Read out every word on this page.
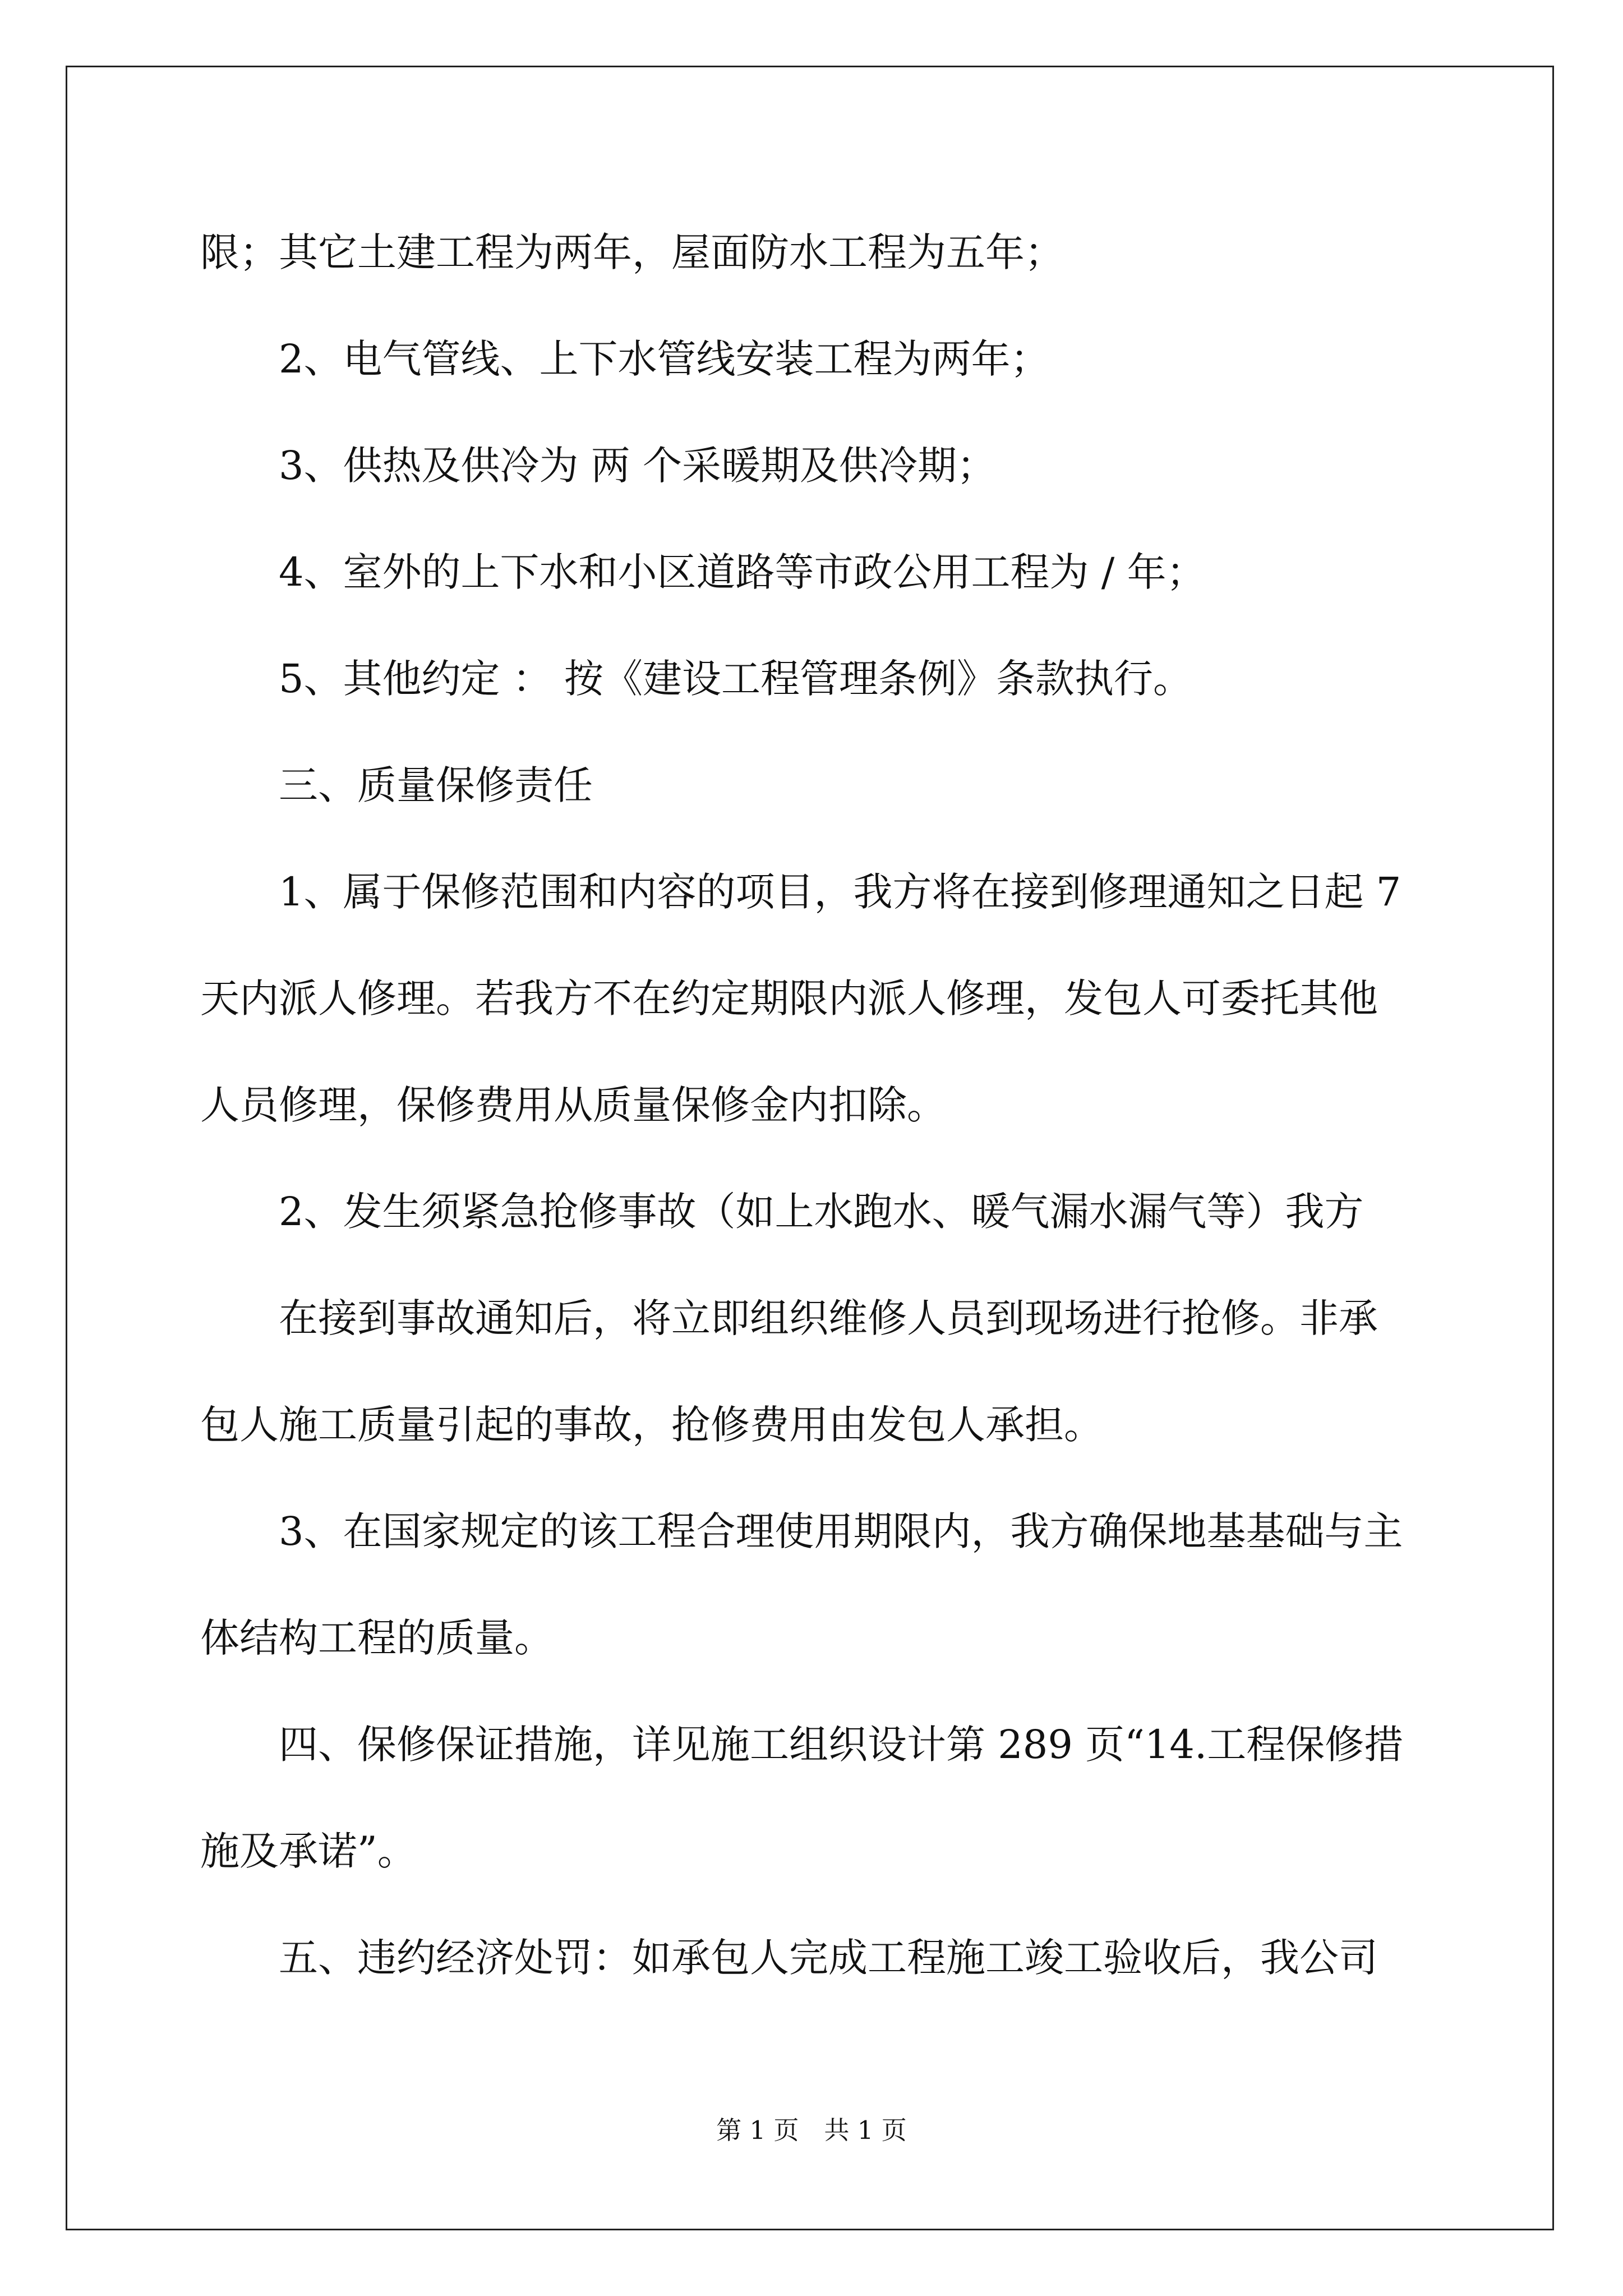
限；其它土建工程为两年，屋面防水工程为五年；
2、电气管线、上下水管线安装工程为两年；
3、供热及供冷为 两 个采暖期及供冷期；
4、室外的上下水和小区道路等市政公用工程为 / 年；
5、其他约定 ： 按《建设工程管理条例》条款执行。
三、质量保修责任
1、属于保修范围和内容的项目，我方将在接到修理通知之日起 7
天内派人修理。若我方不在约定期限内派人修理，发包人可委托其他
人员修理，保修费用从质量保修金内扣除。
2、发生须紧急抢修事故（如上水跑水、暖气漏水漏气等）我方
在接到事故通知后，将立即组织维修人员到现场进行抢修。非承
包人施工质量引起的事故，抢修费用由发包人承担。
3、在国家规定的该工程合理使用期限内，我方确保地基基础与主
体结构工程的质量。
四、保修保证措施，详见施工组织设计第 289 页“14.工程保修措
施及承诺”。
五、违约经济处罚：如承包人完成工程施工竣工验收后，我公司
第 1 页　共 1 页
